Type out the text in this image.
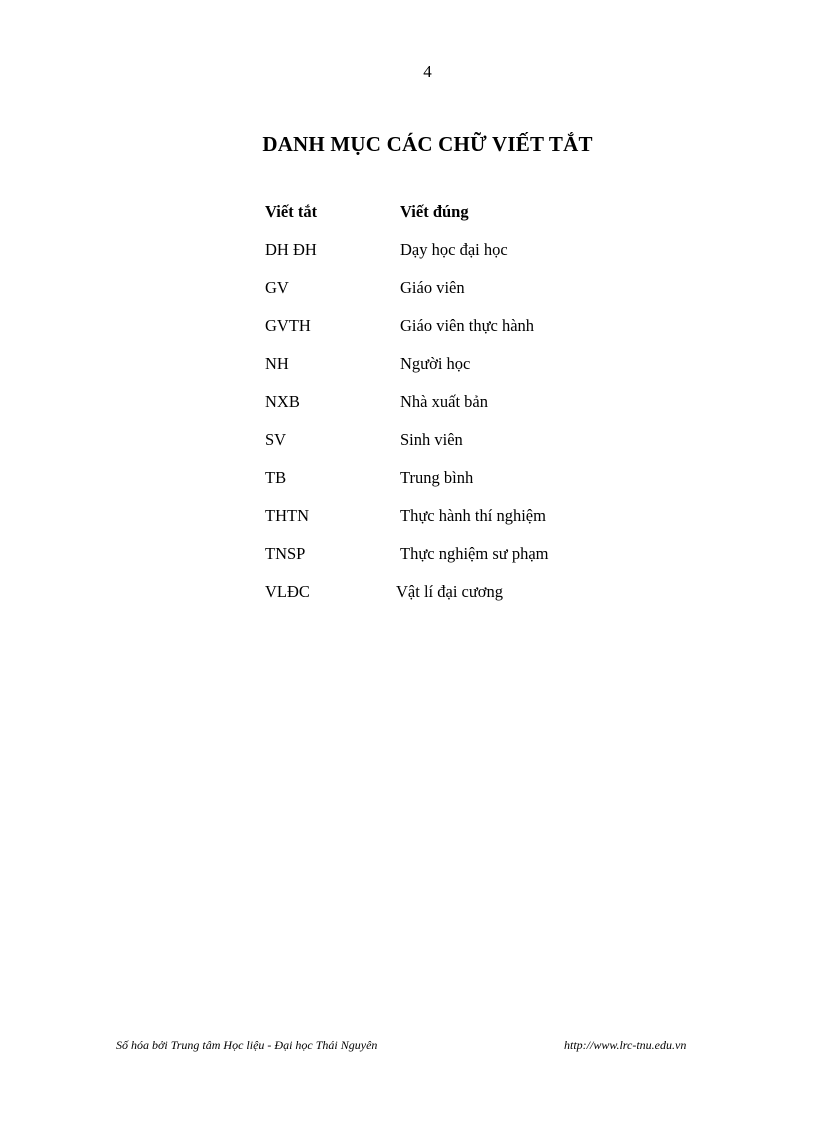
4
DANH MỤC CÁC CHỮ VIẾT TẮT
Viết tắt	Viết đúng
DH ĐH	Dạy học đại học
GV	Giáo viên
GVTH	Giáo viên thực hành
NH	Người học
NXB	Nhà xuất bản
SV	Sinh viên
TB	Trung bình
THTN	Thực hành thí nghiệm
TNSP	Thực nghiệm sư phạm
VLĐC	Vật lí đại cương
Số hóa bởi Trung tâm Học liệu - Đại học Thái Nguyên	http://www.lrc-tnu.edu.vn
